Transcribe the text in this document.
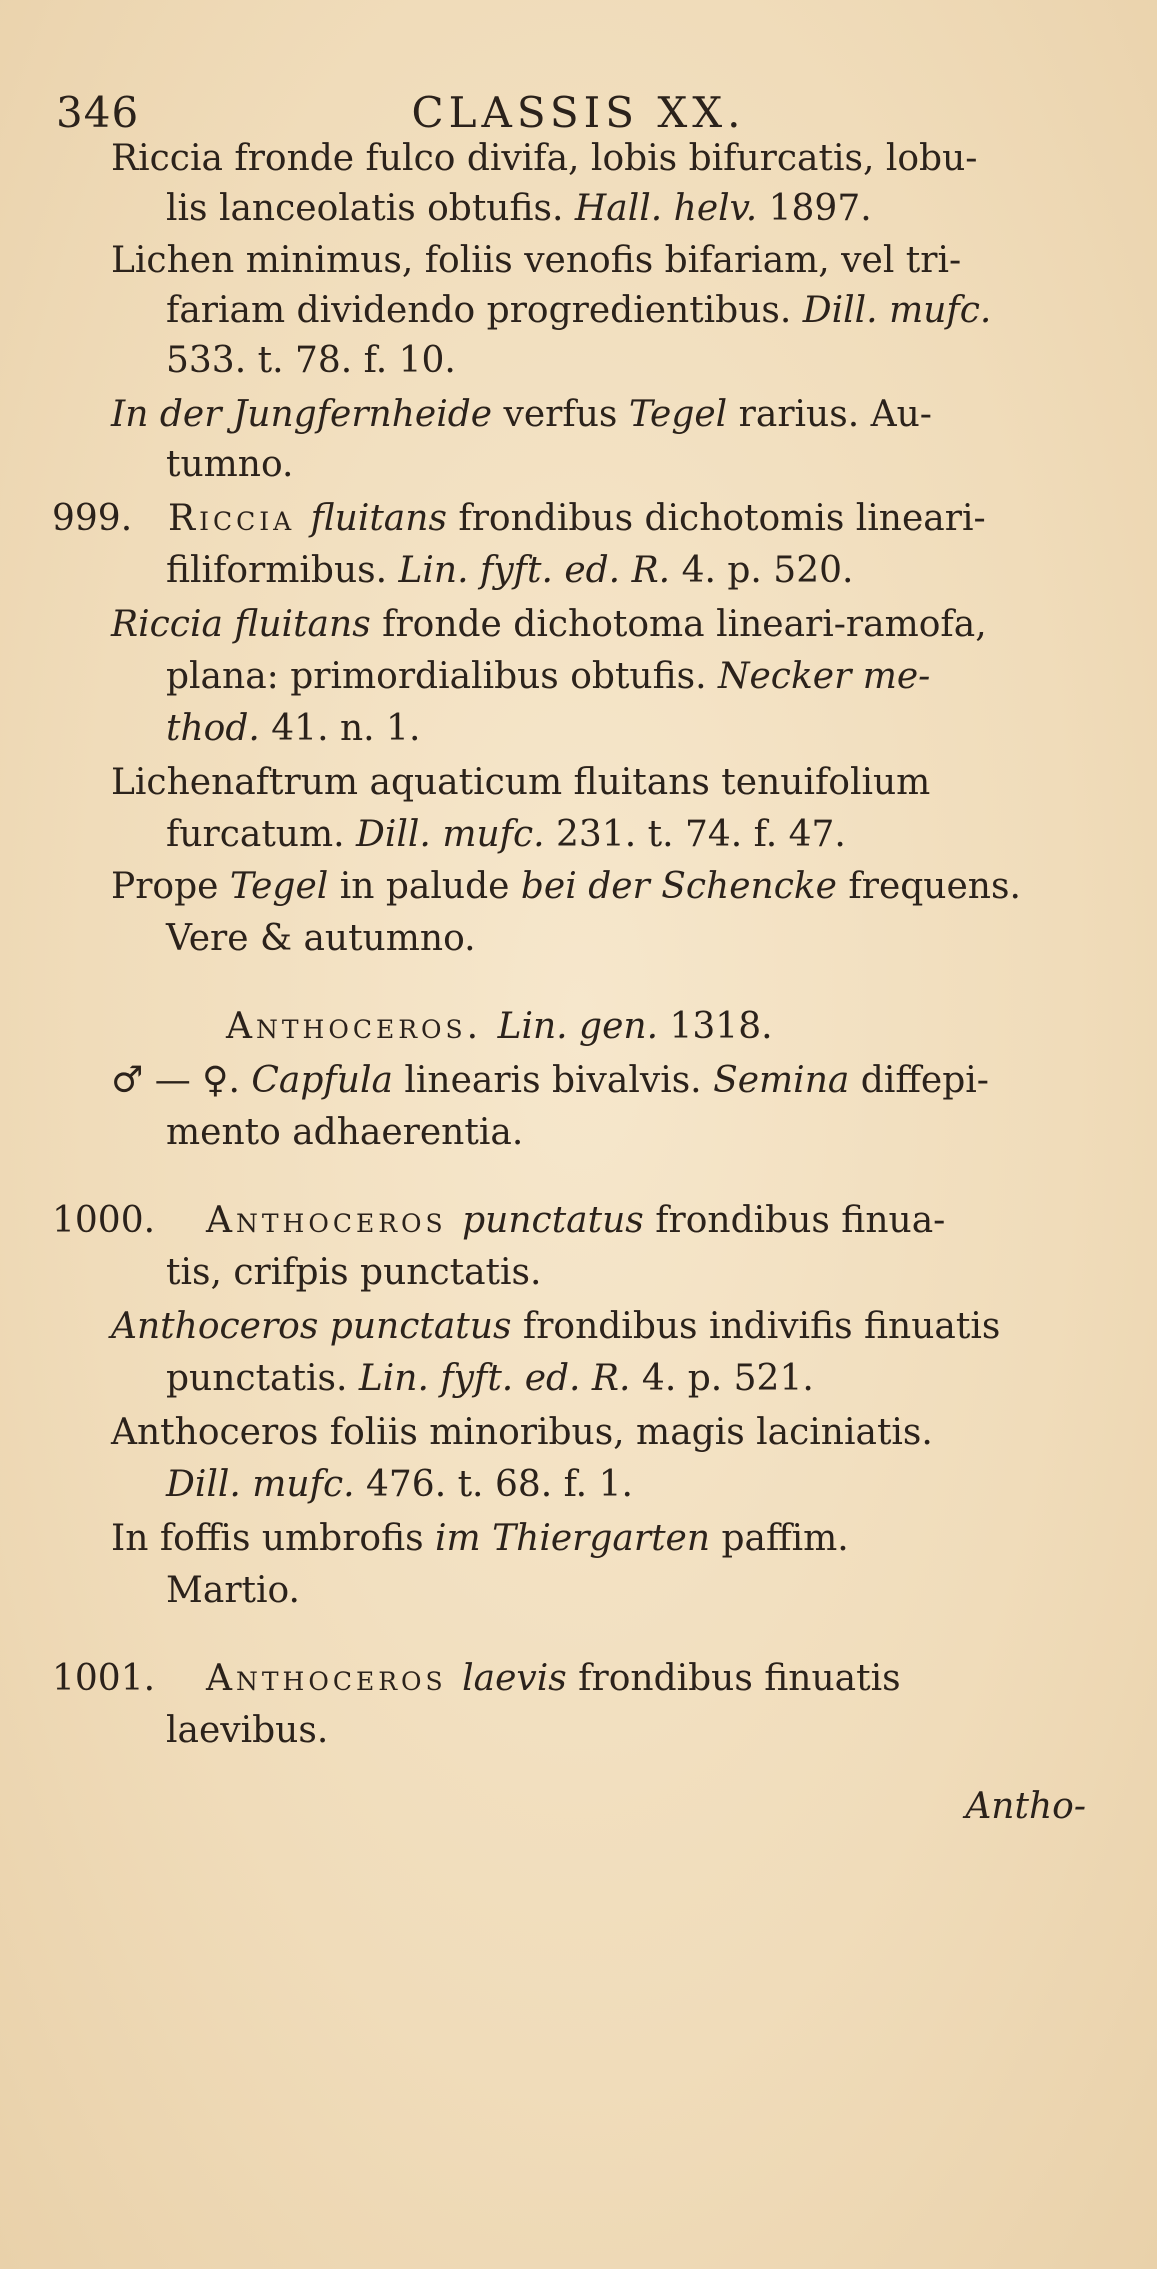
346	CLASSIS XX.
Riccia fronde fulco divifa, lobis bifurcatis, lobu-
lis lanceolatis obtufis. Hall. helv. 1897.
Lichen minimus, foliis venofis bifariam, vel tri-
fariam dividendo progredientibus. Dill. mufc.
533. t. 78. f. 10.
In der Jungfernheide verfus Tegel rarius. Au-
tumno.
999. Riccia fluitans frondibus dichotomis lineari-
filiformibus. Lin. fyft. ed. R. 4. p. 520.
Riccia fluitans fronde dichotoma lineari-ramofa,
plana: primordialibus obtufis. Necker me-
thod. 41. n. 1.
Lichenaftrum aquaticum fluitans tenuifolium
furcatum. Dill. mufc. 231. t. 74. f. 47.
Prope Tegel in palude bei der Schencke frequens.
Vere & autumno.
Anthoceros. Lin. gen. 1318.
♂ — ♀. Capfula linearis bivalvis. Semina diffepi-
mento adhaerentia.
1000. Anthoceros punctatus frondibus finua-
tis, crifpis punctatis.
Anthoceros punctatus frondibus indivifis finuatis
punctatis. Lin. fyft. ed. R. 4. p. 521.
Anthoceros foliis minoribus, magis laciniatis.
Dill. mufc. 476. t. 68. f. 1.
In foffis umbrofis im Thiergarten paffim.
Martio.
1001. Anthoceros laevis frondibus finuatis
laevibus.
Antho-
